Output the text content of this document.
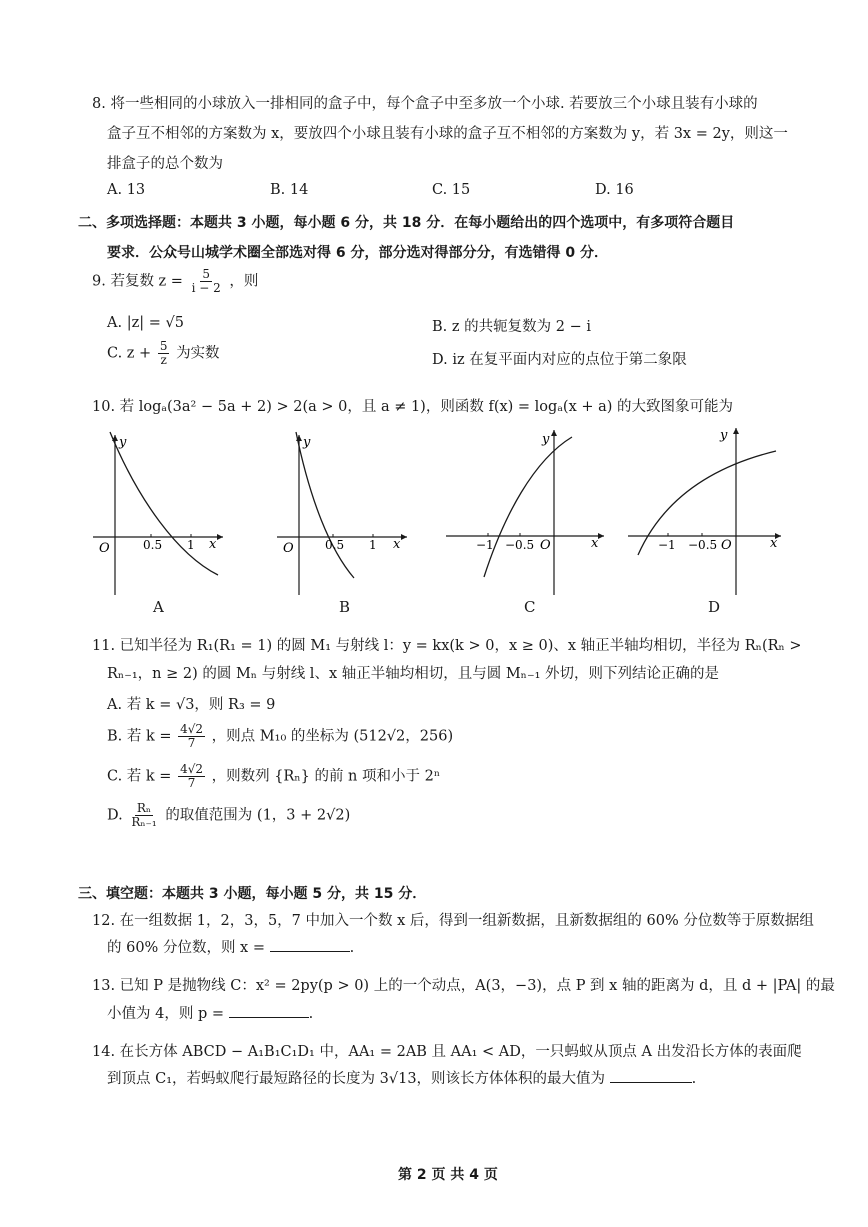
8. 将一些相同的小球放入一排相同的盒子中，每个盒子中至多放一个小球. 若要放三个小球且装有小球的
盒子互不相邻的方案数为 x，要放四个小球且装有小球的盒子互不相邻的方案数为 y，若 3x = 2y，则这一
排盒子的总个数为
A. 13	B. 14	C. 15	D. 16
二、多项选择题：本题共 3 小题，每小题 6 分，共 18 分．在每小题给出的四个选项中，有多项符合题目
要求．公众号山城学术圈全部选对得 6 分，部分选对得部分分，有选错得 0 分．
9. 若复数 $z = \frac{5}{i - 2}$ ，则
A. |z| = √5	B. z 的共轭复数为 2 − i
C. $z + \frac{5}{z}$ 为实数	D. iz 在复平面内对应的点位于第二象限
10. 若 logₐ(3a² − 5a + 2) > 2(a > 0，且 a ≠ 1)，则函数 f(x) = logₐ(x + a) 的大致图象可能为
y
x
O	0.5 1
A
y
x
O	0.5 1
B
y
x
O
−1 −0.5
C
y
x
O
−1 −0.5
D
11. 已知半径为 R₁(R₁ = 1) 的圆 M₁ 与射线 l：y = kx(k > 0，x ≥ 0)、x 轴正半轴均相切，半径为 Rₙ(Rₙ >
Rₙ₋₁，n ≥ 2) 的圆 Mₙ 与射线 l、x 轴正半轴均相切，且与圆 Mₙ₋₁ 外切，则下列结论正确的是
A. 若 k = √3，则 R₃ = 9
B. 若 $k = \frac{4√2}{7}$ ，则点 M₁₀ 的坐标为 (512√2，256)
C. 若 $k = \frac{4√2}{7}$ ，则数列 {Rₙ} 的前 n 项和小于 2ⁿ
D. $\frac{\text{Rₙ}}{\text{Rₙ₋₁}}$ 的取值范围为 (1，3 + 2√2)
三、填空题：本题共 3 小题，每小题 5 分，共 15 分．
12. 在一组数据 1，2，3，5，7 中加入一个数 x 后，得到一组新数据，且新数据组的 60% 分位数等于原数据组
的 60% 分位数，则 x =	.
13. 已知 P 是抛物线 C：x² = 2py(p > 0) 上的一个动点，A(3，−3)，点 P 到 x 轴的距离为 d，且 d + |PA| 的最
小值为 4，则 p =	.
14. 在长方体 ABCD − A₁B₁C₁D₁ 中，AA₁ = 2AB 且 AA₁ < AD，一只蚂蚁从顶点 A 出发沿长方体的表面爬
到顶点 C₁，若蚂蚁爬行最短路径的长度为 3√13，则该长方体体积的最大值为	.
第 2 页 共 4 页
